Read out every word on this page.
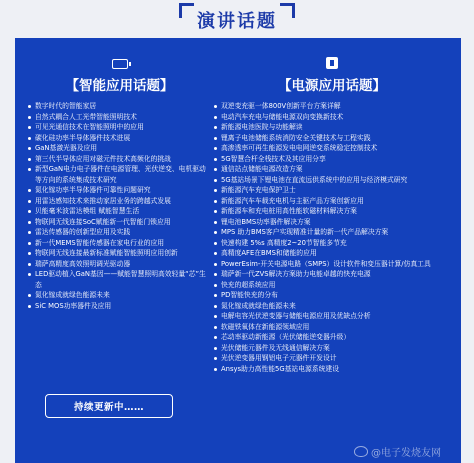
演讲话题
【智能应用话题】
数字时代的智能家居
自然式耦合人工光带智能照明技术
可见光通信技术在智能照明中的应用
碳化硅功率半导体器件技术进展
GaN基激光器及应用
第三代半导体应用对磁元件技术高频化的挑战
新型GaN电力电子器件在电源管理、光伏逆变、电机驱动等方向的系统集成技术研究
氮化镓功率半导体器件可靠性问题研究
用雷达感知技术来推动家居业务的跨越式发展
贝能毫米波雷达模组 赋能智慧生活
物联网无线连接SoC赋能新一代智能门锁应用
雷达传感器的创新型应用及实践
新一代MEMS智能传感器在家电行业的应用
物联网无线连接最新标准赋能智能照明应用创新
瑞萨高精度高效照明调光驱动器
LED驱动植入GaN基因——赋能智慧照明高效轻量“芯”生态
氮化镓成就绿色能源未来
SiC MOS功率器件及应用
【电源应用话题】
双逆变充驱一体800V创新平台方案详解
电动汽车充电与储能电源双向变换新技术
新能源电池医院与功能解读
锂离子电池储能系统消防安全关键技术与工程实践
高渗透率可再生能源发电电网逆变系统稳定控制技术
5G智慧合杆全栈技术及其应用分享
通信站点储能电源改造方案
5G基站场景下锂电池在直流远供系统中的应用与经济模式研究
新能源汽车充电保护卫士
新能源汽车车载充电机与主驱产品方案创新应用
新能源车和充电桩用高性能软磁材料解决方案
锂电池BMS功率器件解决方案
MPS 助力BMS客户实现精准计量的新一代产品解决方案
快速构建 5%s 高精度2~20节智能多节充
高精度AFE在BMS和储能的应用
PowerEsim-开关电源电路（SMPS）设计软件和变压器计算/仿真工具
瑞萨新一代ZVS解决方案助力电能卓越的快充电源
快充的超系统应用
PD智能快充的分布
氮化镓成就绿色能源未来
电解电容光伏逆变器与储能电源应用及优缺点分析
软磁铁氧体在新能源领域应用
芯动率驱动新能源（光伏储能逆变器升级）
光伏储能元器件及无线通信解决方案
光伏逆变器用钢铝电子元器件开发设计
Ansys助力高性能5G基站电源系统建设
持续更新中……
@电子发烧友网
